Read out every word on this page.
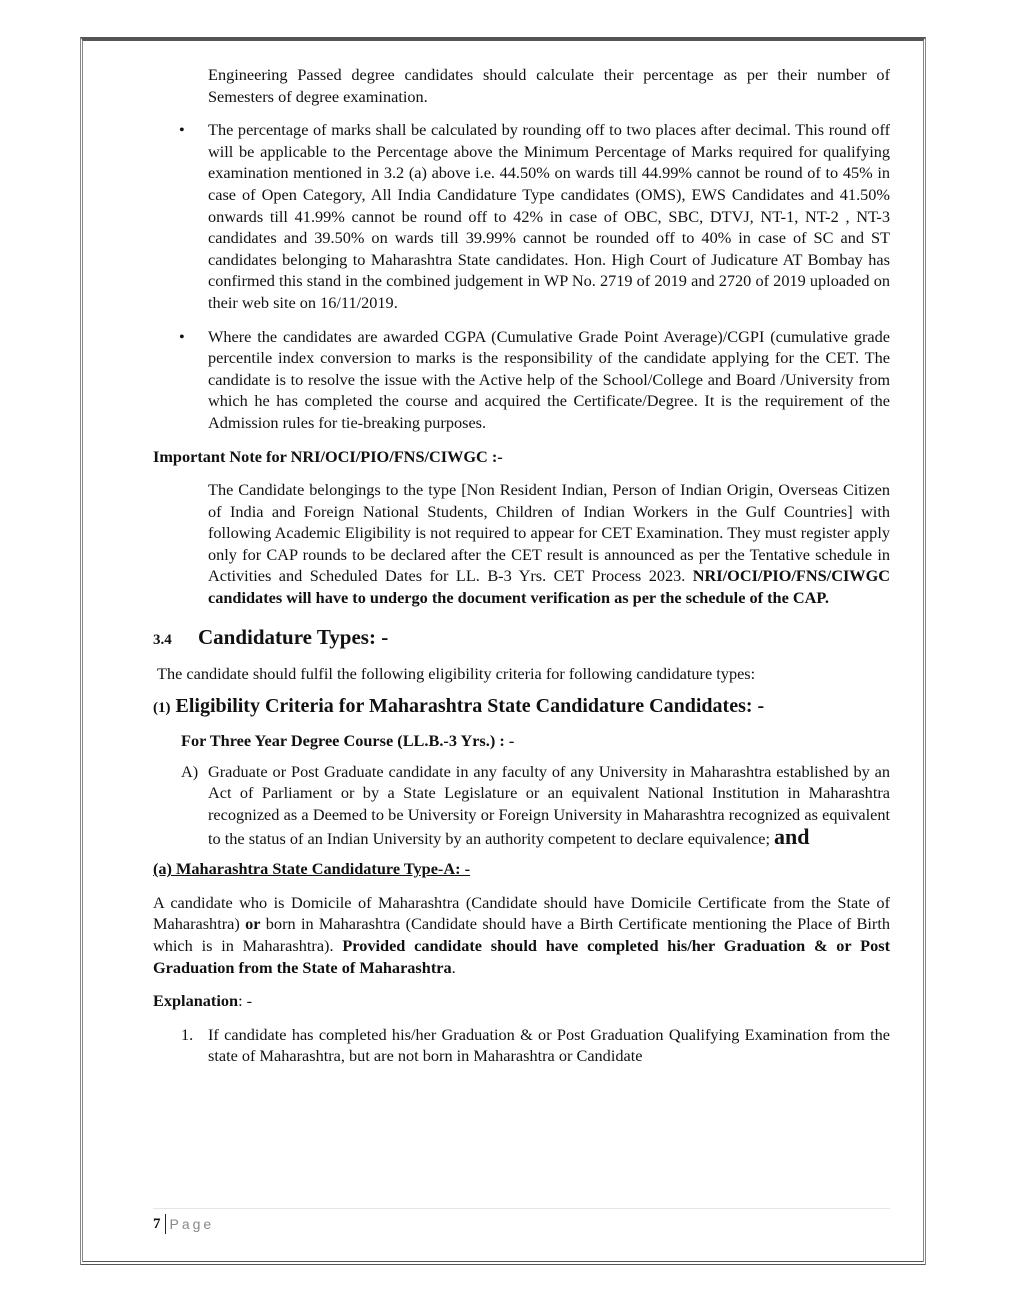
Engineering Passed degree candidates should calculate their percentage as per their number of Semesters of degree examination.

• The percentage of marks shall be calculated by rounding off to two places after decimal. This round off will be applicable to the Percentage above the Minimum Percentage of Marks required for qualifying examination mentioned in 3.2 (a) above i.e. 44.50% on wards till 44.99% cannot be round of to 45% in case of Open Category, All India Candidature Type candidates (OMS), EWS Candidates and 41.50% onwards till 41.99% cannot be round off to 42% in case of OBC, SBC, DTVJ, NT-1, NT-2 , NT-3 candidates and 39.50% on wards till 39.99% cannot be rounded off to 40% in case of SC and ST candidates belonging to Maharashtra State candidates. Hon. High Court of Judicature AT Bombay has confirmed this stand in the combined judgement in WP No. 2719 of 2019 and 2720 of 2019 uploaded on their web site on 16/11/2019.
• Where the candidates are awarded CGPA (Cumulative Grade Point Average)/CGPI (cumulative grade percentile index conversion to marks is the responsibility of the candidate applying for the CET. The candidate is to resolve the issue with the Active help of the School/College and Board /University from which he has completed the course and acquired the Certificate/Degree. It is the requirement of the Admission rules for tie-breaking purposes.

Important Note for NRI/OCI/PIO/FNS/CIWGC :-

The Candidate belongings to the type [Non Resident Indian, Person of Indian Origin, Overseas Citizen of India and Foreign National Students, Children of Indian Workers in the Gulf Countries] with following Academic Eligibility is not required to appear for CET Examination. They must register apply only for CAP rounds to be declared after the CET result is announced as per the Tentative schedule in Activities and Scheduled Dates for LL. B-3 Yrs. CET Process 2023. NRI/OCI/PIO/FNS/CIWGC candidates will have to undergo the document verification as per the schedule of the CAP.

3.4 Candidature Types: -

The candidate should fulfil the following eligibility criteria for following candidature types:

(1) Eligibility Criteria for Maharashtra State Candidature Candidates: -

For Three Year Degree Course (LL.B.-3 Yrs.) : -

A) Graduate or Post Graduate candidate in any faculty of any University in Maharashtra established by an Act of Parliament or by a State Legislature or an equivalent National Institution in Maharashtra recognized as a Deemed to be University or Foreign University in Maharashtra recognized as equivalent to the status of an Indian University by an authority competent to declare equivalence; and

(a) Maharashtra State Candidature Type-A: -

A candidate who is Domicile of Maharashtra (Candidate should have Domicile Certificate from the State of Maharashtra) or born in Maharashtra (Candidate should have a Birth Certificate mentioning the Place of Birth which is in Maharashtra). Provided candidate should have completed his/her Graduation & or Post Graduation from the State of Maharashtra.

Explanation: -

1. If candidate has completed his/her Graduation & or Post Graduation Qualifying Examination from the state of Maharashtra, but are not born in Maharashtra or Candidate
7 Page
